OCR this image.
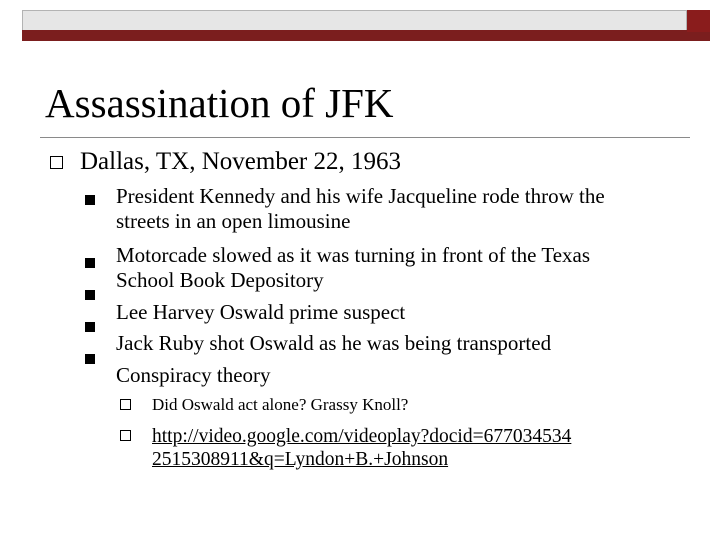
Assassination of JFK
Dallas, TX, November 22, 1963
President Kennedy and his wife Jacqueline rode throw the
streets in an open limousine
Motorcade slowed as it was turning in front of the Texas
School Book Depository
Lee Harvey Oswald prime suspect
Jack Ruby shot Oswald as he was being transported
Conspiracy theory
Did Oswald act alone? Grassy Knoll?
http://video.google.com/videoplay?docid=677034534
2515308911&q=Lyndon+B.+Johnson
